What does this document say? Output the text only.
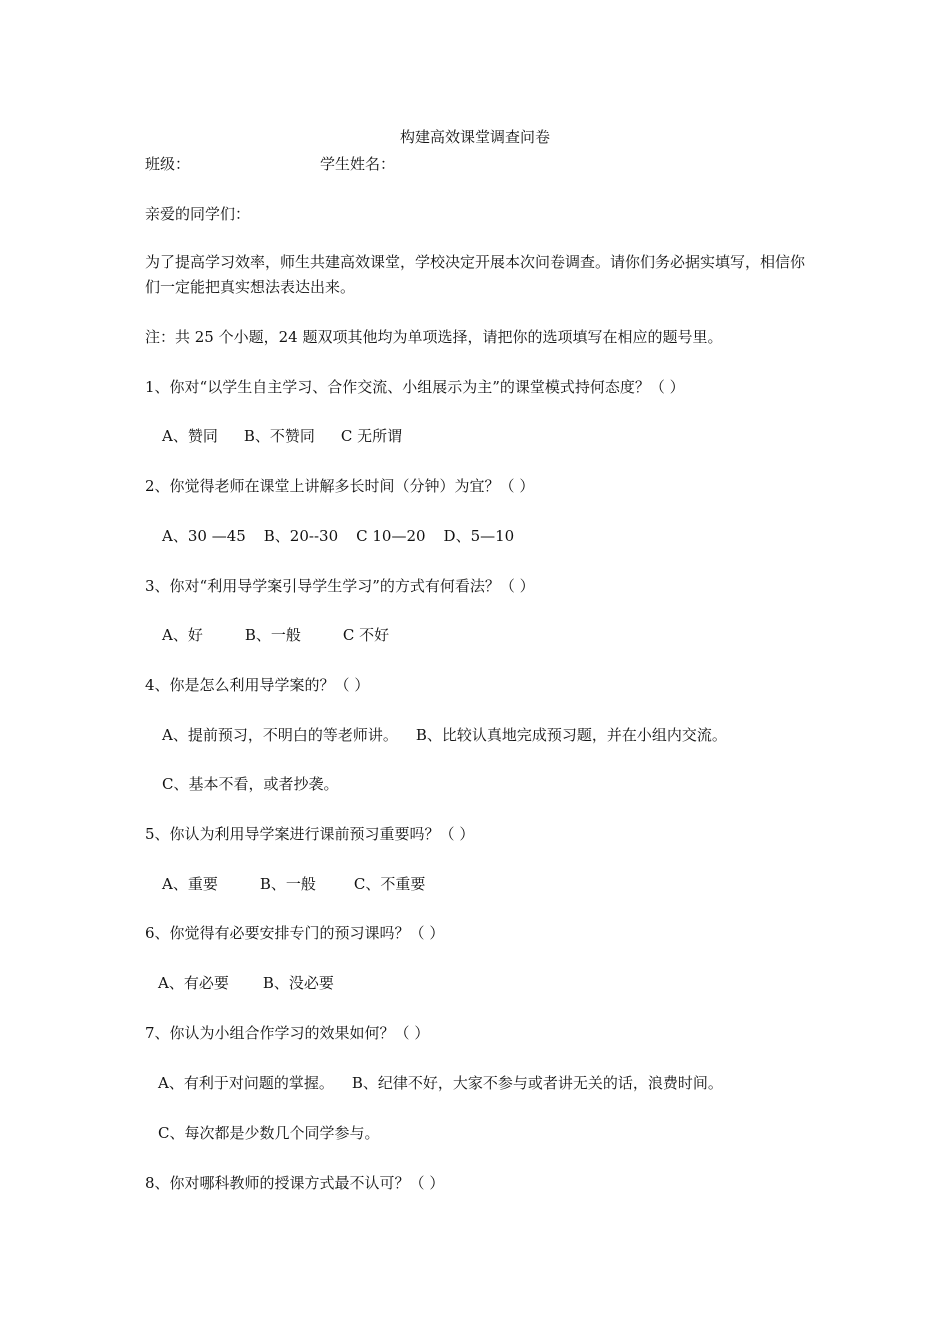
构建高效课堂调查问卷
班级：	学生姓名：
亲爱的同学们：
为了提高学习效率，师生共建高效课堂，学校决定开展本次问卷调查。请你们务必据实填写，相信你们一定能把真实想法表达出来。
注：共 25 个小题，24 题双项其他均为单项选择，请把你的选项填写在相应的题号里。
1、你对“以学生自主学习、合作交流、小组展示为主”的课堂模式持何态度？（ ）
A、赞同 B、不赞同 C 无所谓
2、你觉得老师在课堂上讲解多长时间（分钟）为宜？（ ）
A、30 —45 B、20--30 C 10—20 D、5—10
3、你对“利用导学案引导学生学习”的方式有何看法？（ ）
A、好	B、一般	C 不好
4、你是怎么利用导学案的？（ ）
A、提前预习，不明白的等老师讲。 B、比较认真地完成预习题，并在小组内交流。
C、基本不看，或者抄袭。
5、你认为利用导学案进行课前预习重要吗？（ ）
A、重要	B、一般	C、不重要
6、你觉得有必要安排专门的预习课吗？（ ）
A、有必要 B、没必要
7、你认为小组合作学习的效果如何？（ ）
A、有利于对问题的掌握。 B、纪律不好，大家不参与或者讲无关的话，浪费时间。
C、每次都是少数几个同学参与。
8、你对哪科教师的授课方式最不认可？（ ）
